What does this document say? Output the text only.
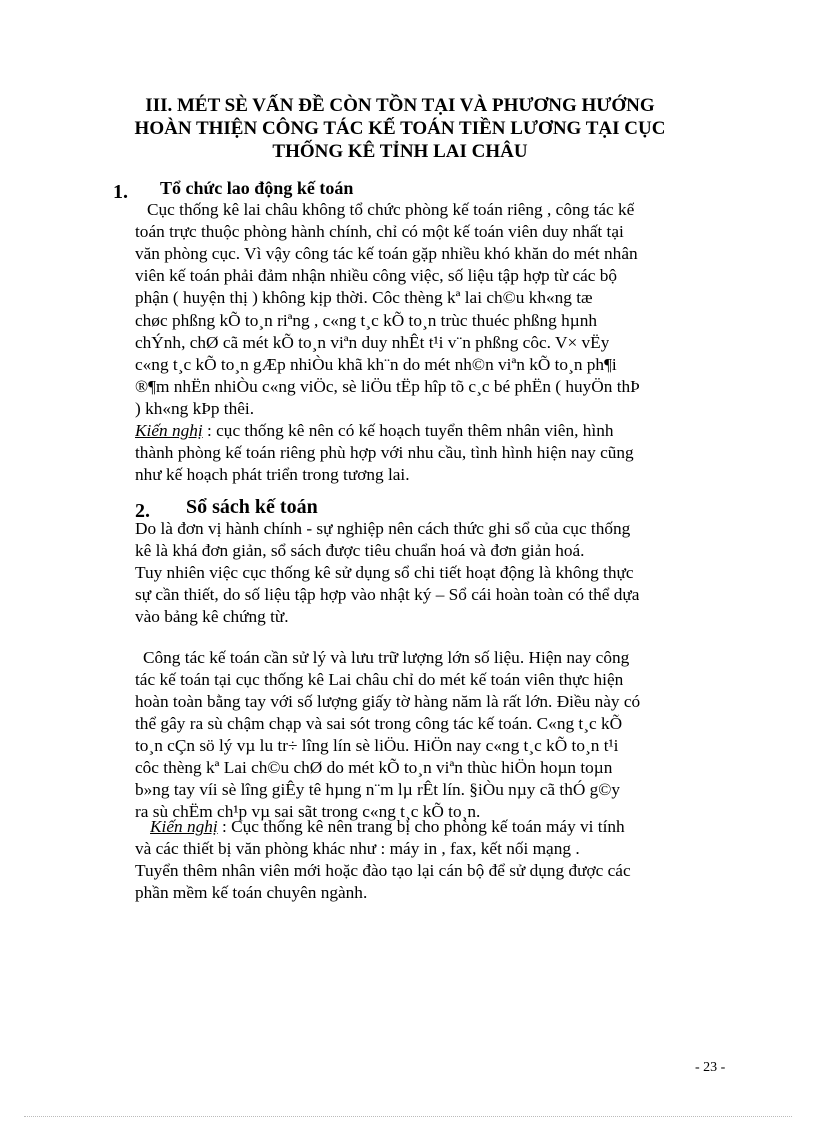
III. MÉT SÈ VẤN ĐỀ CÒN TỒN TẠI VÀ PHƯƠNG HƯỚNG
HOÀN THIỆN CÔNG TÁC KẾ TOÁN TIỀN LƯƠNG TẠI CỤC
THỐNG KÊ TỈNH LAI CHÂU
1. Tổ chức lao động kế toán
Cục thống kê lai châu không tổ chức phòng kế toán riêng , công tác kế
toán trực thuộc phòng hành chính, chỉ có một kế toán viên duy nhất tại
văn phòng cục. Vì vậy công tác kế toán gặp nhiều khó khăn do mét nhân
viên kế toán phải đảm nhận nhiều công việc, số liệu tập hợp từ các bộ
phận ( huyện thị ) không kịp thời. Côc thèng kª lai ch©u kh«ng tæ
chøc phßng kÕ to¸n riªng , c«ng t¸c kÕ to¸n trùc thuéc phßng hµnh
chÝnh, chØ cã mét kÕ to¸n viªn duy nhÊt t¹i v¨n phßng côc. V× vËy
c«ng t¸c kÕ to¸n gÆp nhiÒu khã kh¨n do mét nh©n viªn kÕ to¸n ph¶i
®¶m nhËn nhiÒu c«ng viÖc, sè liÖu tËp hîp tõ c¸c bé phËn ( huyÖn thÞ
) kh«ng kÞp thêi.
Kiến nghị : cục thống kê nên có kế hoạch tuyển thêm nhân viên, hình
thành phòng kế toán riêng phù hợp với nhu cầu, tình hình hiện nay cũng
như kế hoạch phát triển trong tương lai.
2. Sổ sách kế toán
Do là đơn vị hành chính - sự nghiệp nên cách thức ghi sổ của cục thống
kê là khá đơn giản, sổ sách được tiêu chuẩn hoá và đơn giản hoá.
Tuy nhiên việc cục thống kê sử dụng sổ chi tiết hoạt động là không thực
sự cần thiết, do số liệu tập hợp vào nhật ký – Sổ cái hoàn toàn có thể dựa
vào bảng kê chứng từ.
Công tác kế toán cần sử lý và lưu trữ lượng lớn số liệu. Hiện nay công
tác kế toán tại cục thống kê Lai châu chỉ do mét kế toán viên thực hiện
hoàn toàn bằng tay với số lượng giấy tờ hàng năm là rất lớn. Điều này có
thể gây ra sù chậm chạp và sai sót trong công tác kế toán. C«ng t¸c kÕ
to¸n cÇn sö lý vµ lu tr÷ lîng lín sè liÖu. HiÖn nay c«ng t¸c kÕ to¸n t¹i
côc thèng kª Lai ch©u chØ do mét kÕ to¸n viªn thùc hiÖn hoµn toµn
b»ng tay víi sè lîng giÊy tê hµng n¨m lµ rÊt lín. §iÒu nµy cã thÓ g©y
ra sù chËm ch¹p vµ sai sãt trong c«ng t¸c kÕ to¸n.
Kiến nghị : Cục thống kê nên trang bị cho phòng kế toán máy vi tính
và các thiết bị văn phòng khác như : máy in , fax, kết nối mạng .
Tuyển thêm nhân viên mới hoặc đào tạo lại cán bộ để sử dụng được các
phần mềm kế toán chuyên ngành.
- 23 -
